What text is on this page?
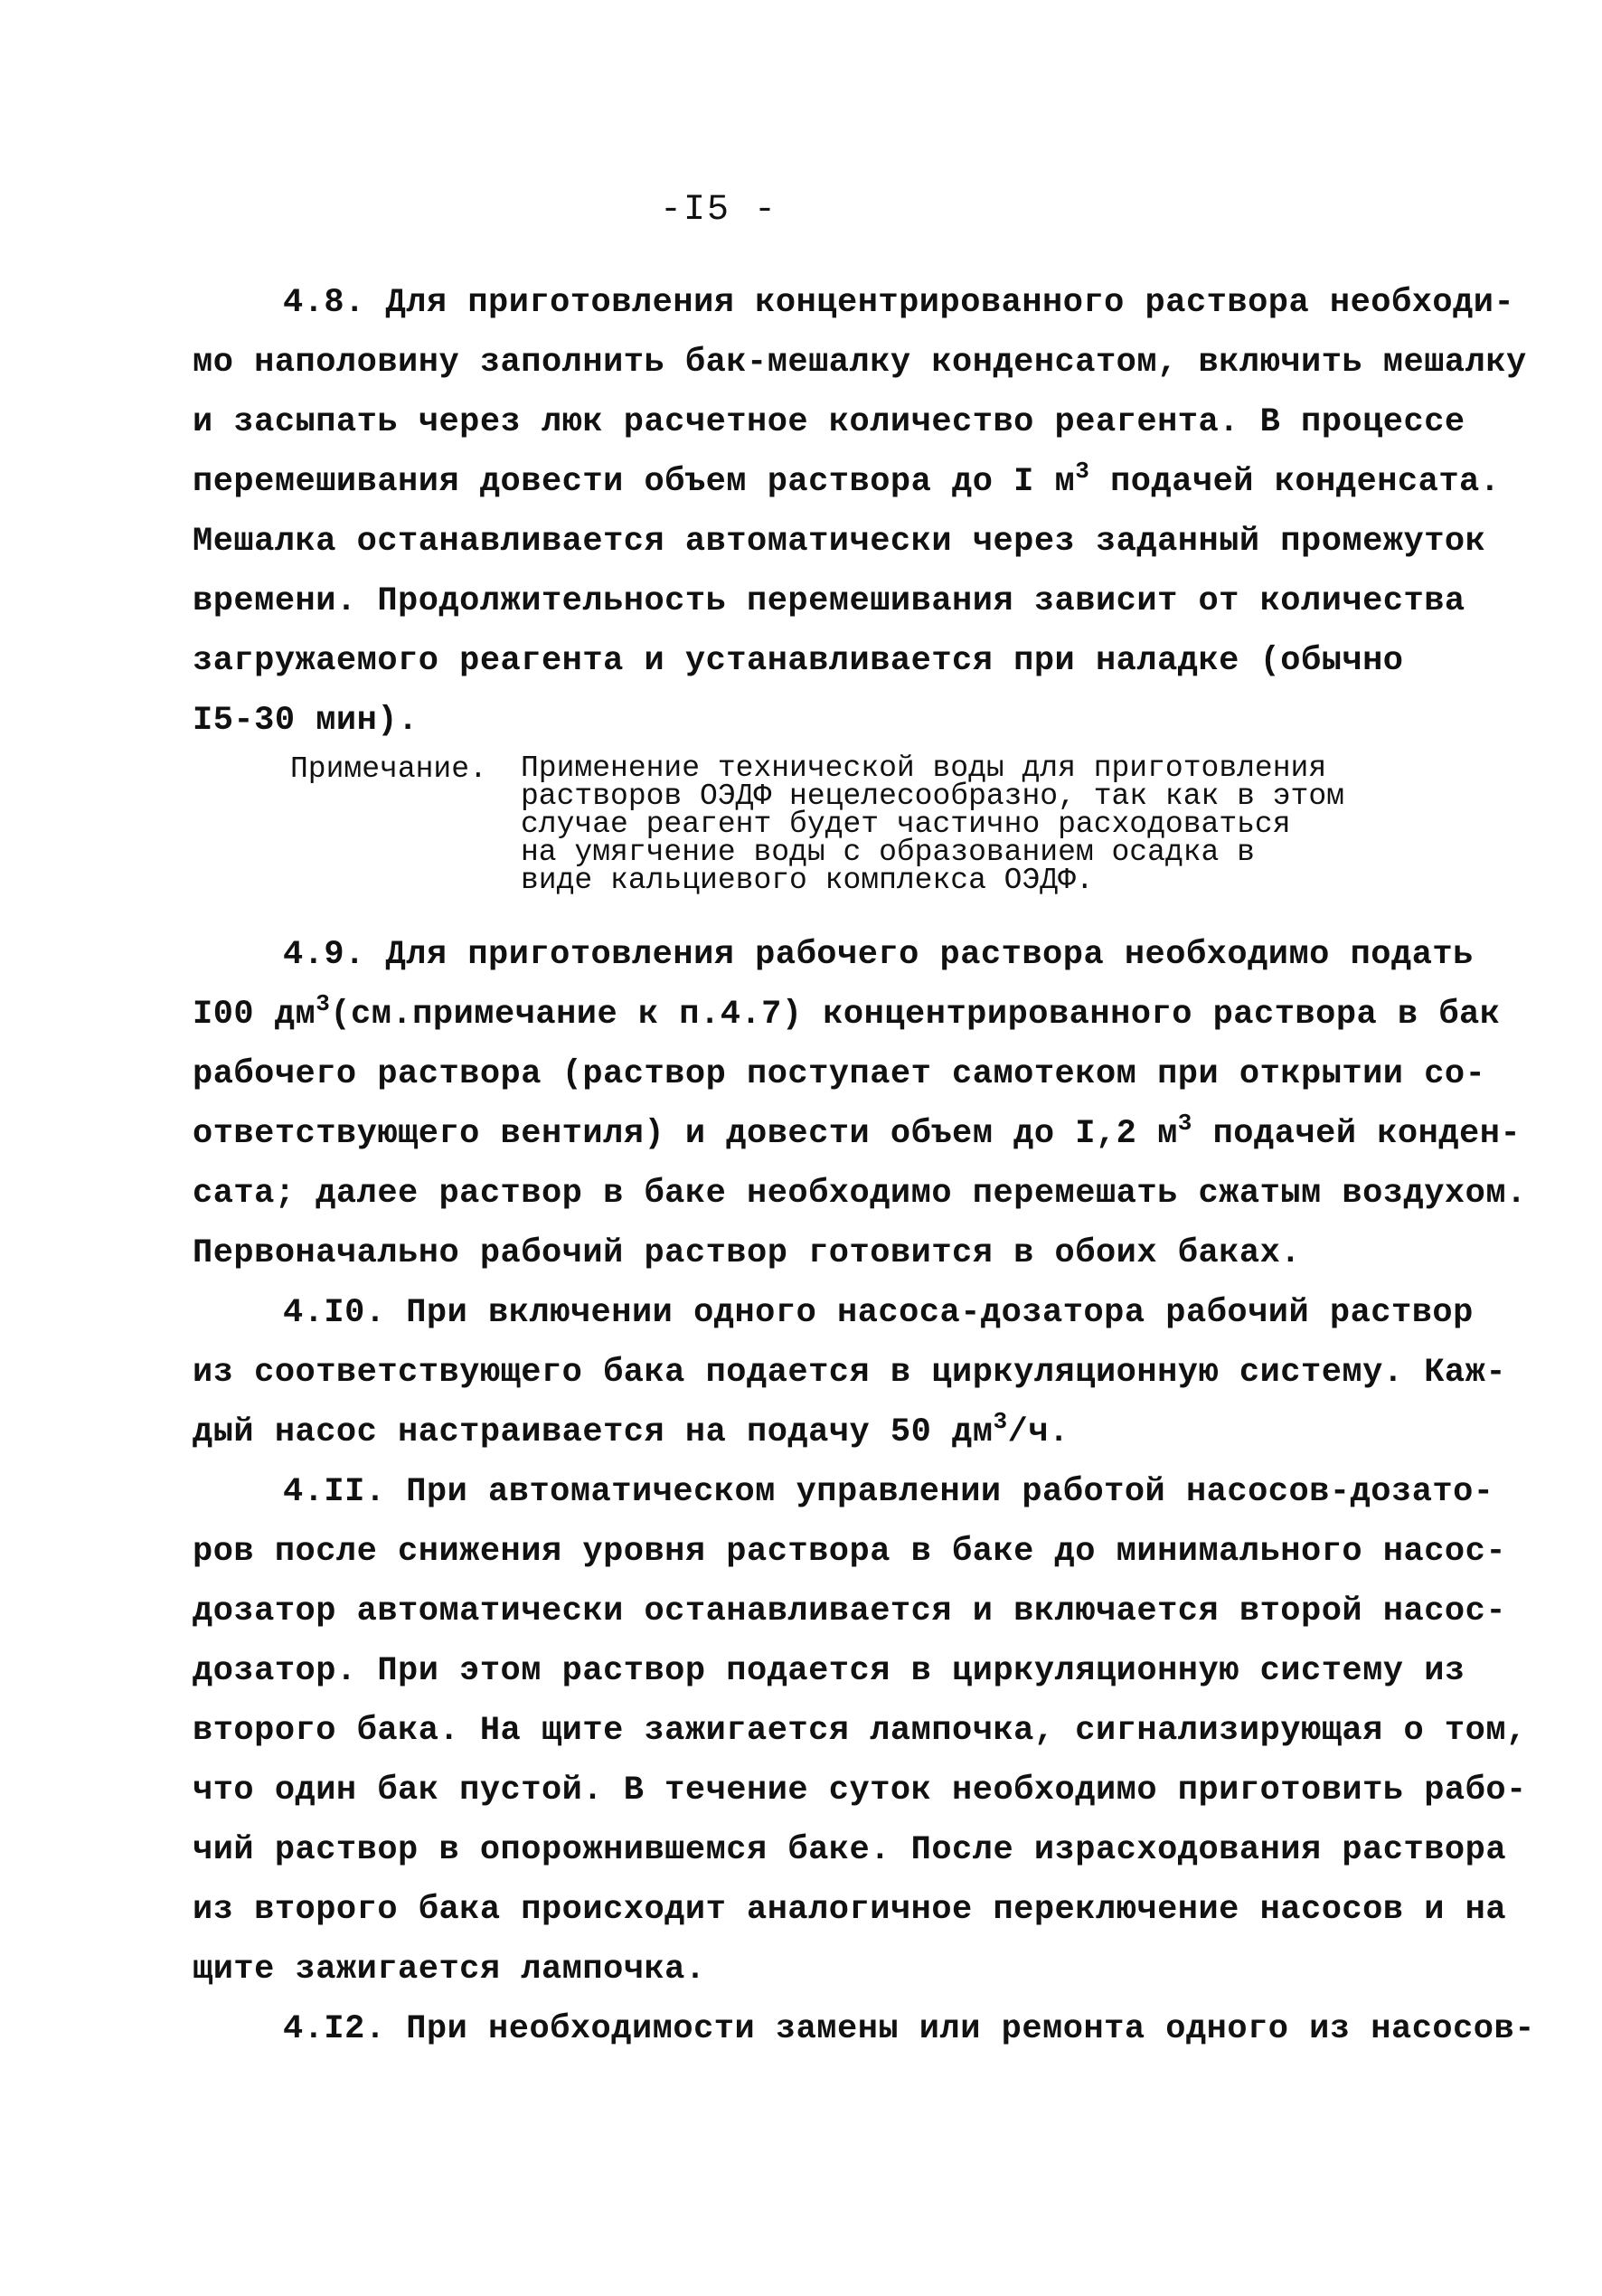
-I5 -
4.8. Для приготовления концентрированного раствора необходи-
мо наполовину заполнить бак-мешалку конденсатом, включить мешалку
и засыпать через люк расчетное количество реагента. В процессе
перемешивания довести объем раствора до I $м^3$ подачей конденсата.
Мешалка останавливается автоматически через заданный промежуток
времени. Продолжительность перемешивания зависит от количества
загружаемого реагента и устанавливается при наладке (обычно
I5-30 мин).
Примечание.	Применение технической воды для приготовления
растворов ОЭДФ нецелесообразно, так как в этом
случае реагент будет частично расходоваться
на умягчение воды с образованием осадка в
виде кальциевого комплекса ОЭДФ.
4.9. Для приготовления рабочего раствора необходимо подать
I00 $дм^3(см.примечание$ к п.4.7) концентрированного раствора в бак
рабочего раствора (раствор поступает самотеком при открытии со-
ответствующего вентиля) и довести объем до I,2 $м^3$ подачей конден-
сата; далее раствор в баке необходимо перемешать сжатым воздухом.
Первоначально рабочий раствор готовится в обоих баках.
4.I0. При включении одного насоса-дозатора рабочий раствор
из соответствующего бака подается в циркуляционную систему. Каж-
дый насос настраивается на подачу 50 $дм^3/ч$.
4.II. При автоматическом управлении работой насосов-дозато-
ров после снижения уровня раствора в баке до минимального насос-
дозатор автоматически останавливается и включается второй насос-
дозатор. При этом раствор подается в циркуляционную систему из
второго бака. На щите зажигается лампочка, сигнализирующая о том,
что один бак пустой. В течение суток необходимо приготовить рабо-
чий раствор в опорожнившемся баке. После израсходования раствора
из второго бака происходит аналогичное переключение насосов и на
щите зажигается лампочка.
4.I2. При необходимости замены или ремонта одного из насосов-
